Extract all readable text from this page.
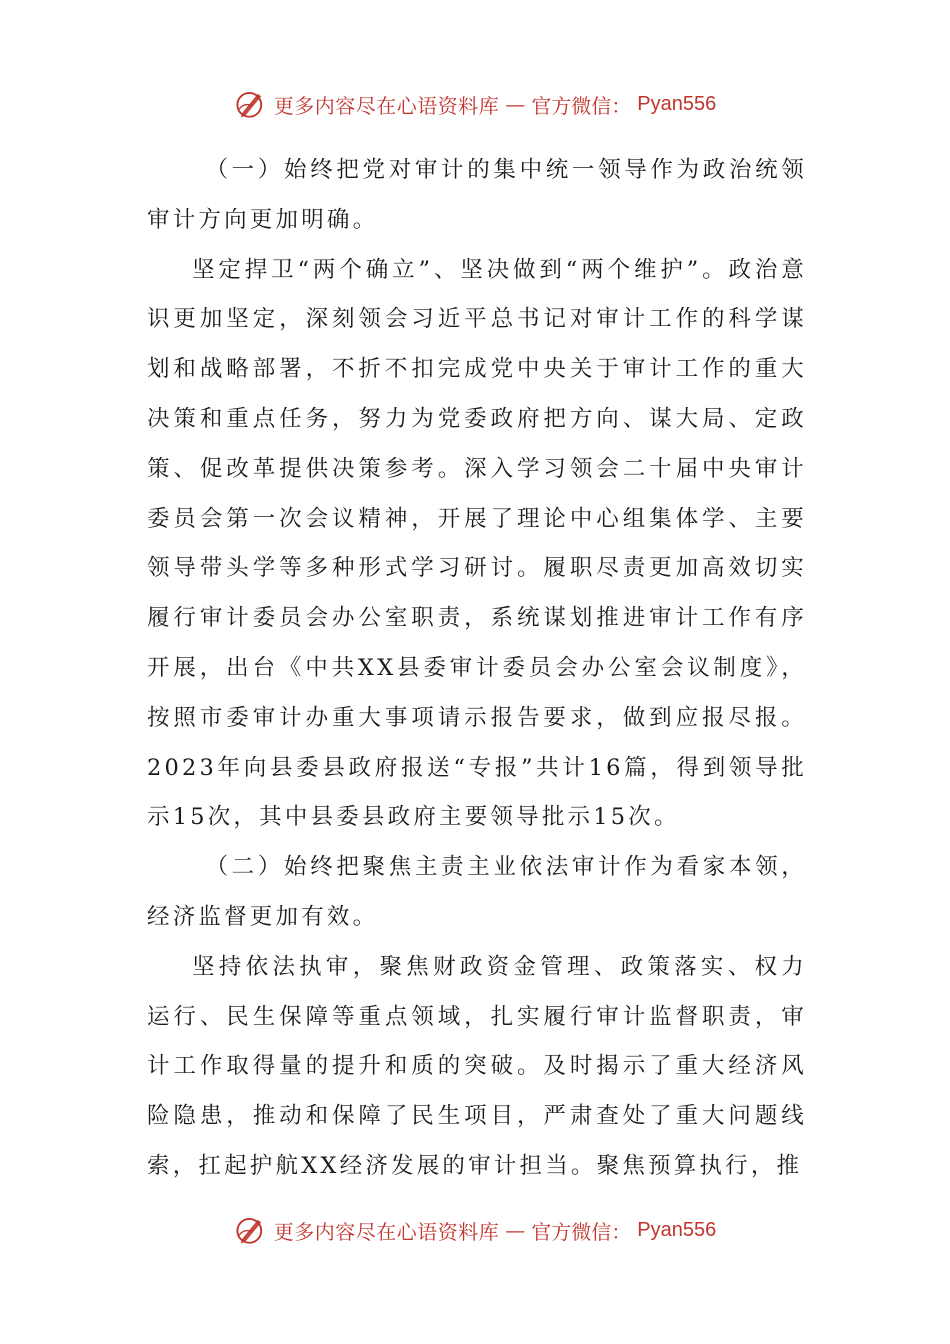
更多内容尽在心语资料库 — 官方微信： Pyan556

（一）始终把党对审计的集中统一领导作为政治统领审计方向更加明确。

坚定捍卫“两个确立”、坚决做到“两个维护”。政治意识更加坚定，深刻领会习近平总书记对审计工作的科学谋划和战略部署，不折不扣完成党中央关于审计工作的重大决策和重点任务，努力为党委政府把方向、谋大局、定政策、促改革提供决策参考。深入学习领会二十届中央审计委员会第一次会议精神，开展了理论中心组集体学、主要领导带头学等多种形式学习研讨。履职尽责更加高效切实履行审计委员会办公室职责，系统谋划推进审计工作有序开展，出台《中共XX县委审计委员会办公室会议制度》，按照市委审计办重大事项请示报告要求，做到应报尽报。2023年向县委县政府报送“专报”共计16篇，得到领导批示15次，其中县委县政府主要领导批示15次。

（二）始终把聚焦主责主业依法审计作为看家本领，经济监督更加有效。

坚持依法执审，聚焦财政资金管理、政策落实、权力运行、民生保障等重点领域，扎实履行审计监督职责，审计工作取得量的提升和质的突破。及时揭示了重大经济风险隐患，推动和保障了民生项目，严肃查处了重大问题线索，扛起护航XX经济发展的审计担当。聚焦预算执行，推

更多内容尽在心语资料库 — 官方微信： Pyan556
